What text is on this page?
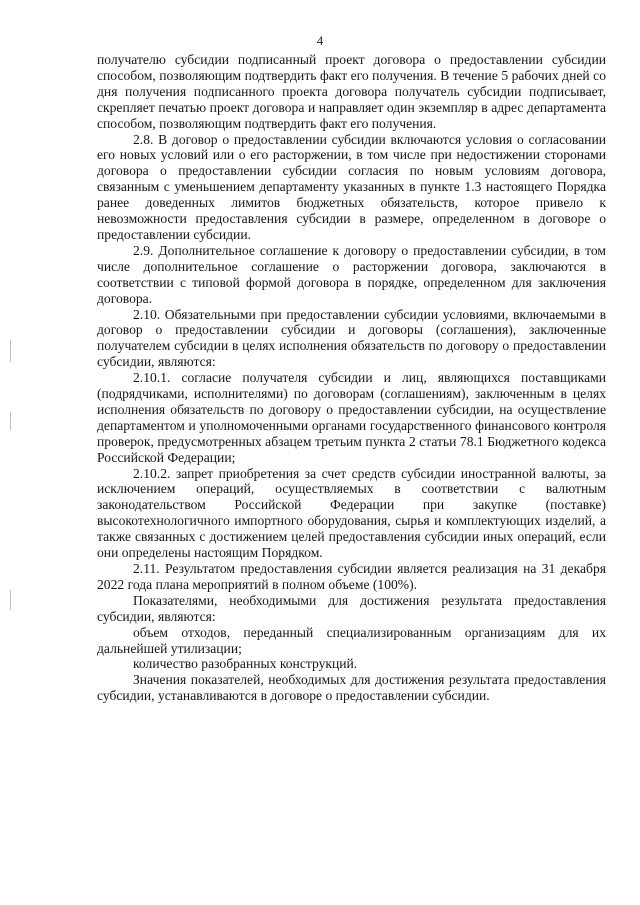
4

получателю субсидии подписанный проект договора о предоставлении субсидии способом, позволяющим подтвердить факт его получения. В течение 5 рабочих дней со дня получения подписанного проекта договора получатель субсидии подписывает, скрепляет печатью проект договора и направляет один экземпляр в адрес департамента способом, позволяющим подтвердить факт его получения.

2.8. В договор о предоставлении субсидии включаются условия о согласовании его новых условий или о его расторжении, в том числе при недостижении сторонами договора о предоставлении субсидии согласия по новым условиям договора, связанным с уменьшением департаменту указанных в пункте 1.3 настоящего Порядка ранее доведенных лимитов бюджетных обязательств, которое привело к невозможности предоставления субсидии в размере, определенном в договоре о предоставлении субсидии.

2.9. Дополнительное соглашение к договору о предоставлении субсидии, в том числе дополнительное соглашение о расторжении договора, заключаются в соответствии с типовой формой договора в порядке, определенном для заключения договора.

2.10. Обязательными при предоставлении субсидии условиями, включаемыми в договор о предоставлении субсидии и договоры (соглашения), заключенные получателем субсидии в целях исполнения обязательств по договору о предоставлении субсидии, являются:

2.10.1. согласие получателя субсидии и лиц, являющихся поставщиками (подрядчиками, исполнителями) по договорам (соглашениям), заключенным в целях исполнения обязательств по договору о предоставлении субсидии, на осуществление департаментом и уполномоченными органами государственного финансового контроля проверок, предусмотренных абзацем третьим пункта 2 статьи 78.1 Бюджетного кодекса Российской Федерации;

2.10.2. запрет приобретения за счет средств субсидии иностранной валюты, за исключением операций, осуществляемых в соответствии с валютным законодательством Российской Федерации при закупке (поставке) высокотехнологичного импортного оборудования, сырья и комплектующих изделий, а также связанных с достижением целей предоставления субсидии иных операций, если они определены настоящим Порядком.

2.11. Результатом предоставления субсидии является реализация на 31 декабря 2022 года плана мероприятий в полном объеме (100%).

Показателями, необходимыми для достижения результата предоставления субсидии, являются:

объем отходов, переданный специализированным организациям для их дальнейшей утилизации;

количество разобранных конструкций.

Значения показателей, необходимых для достижения результата предоставления субсидии, устанавливаются в договоре о предоставлении субсидии.
